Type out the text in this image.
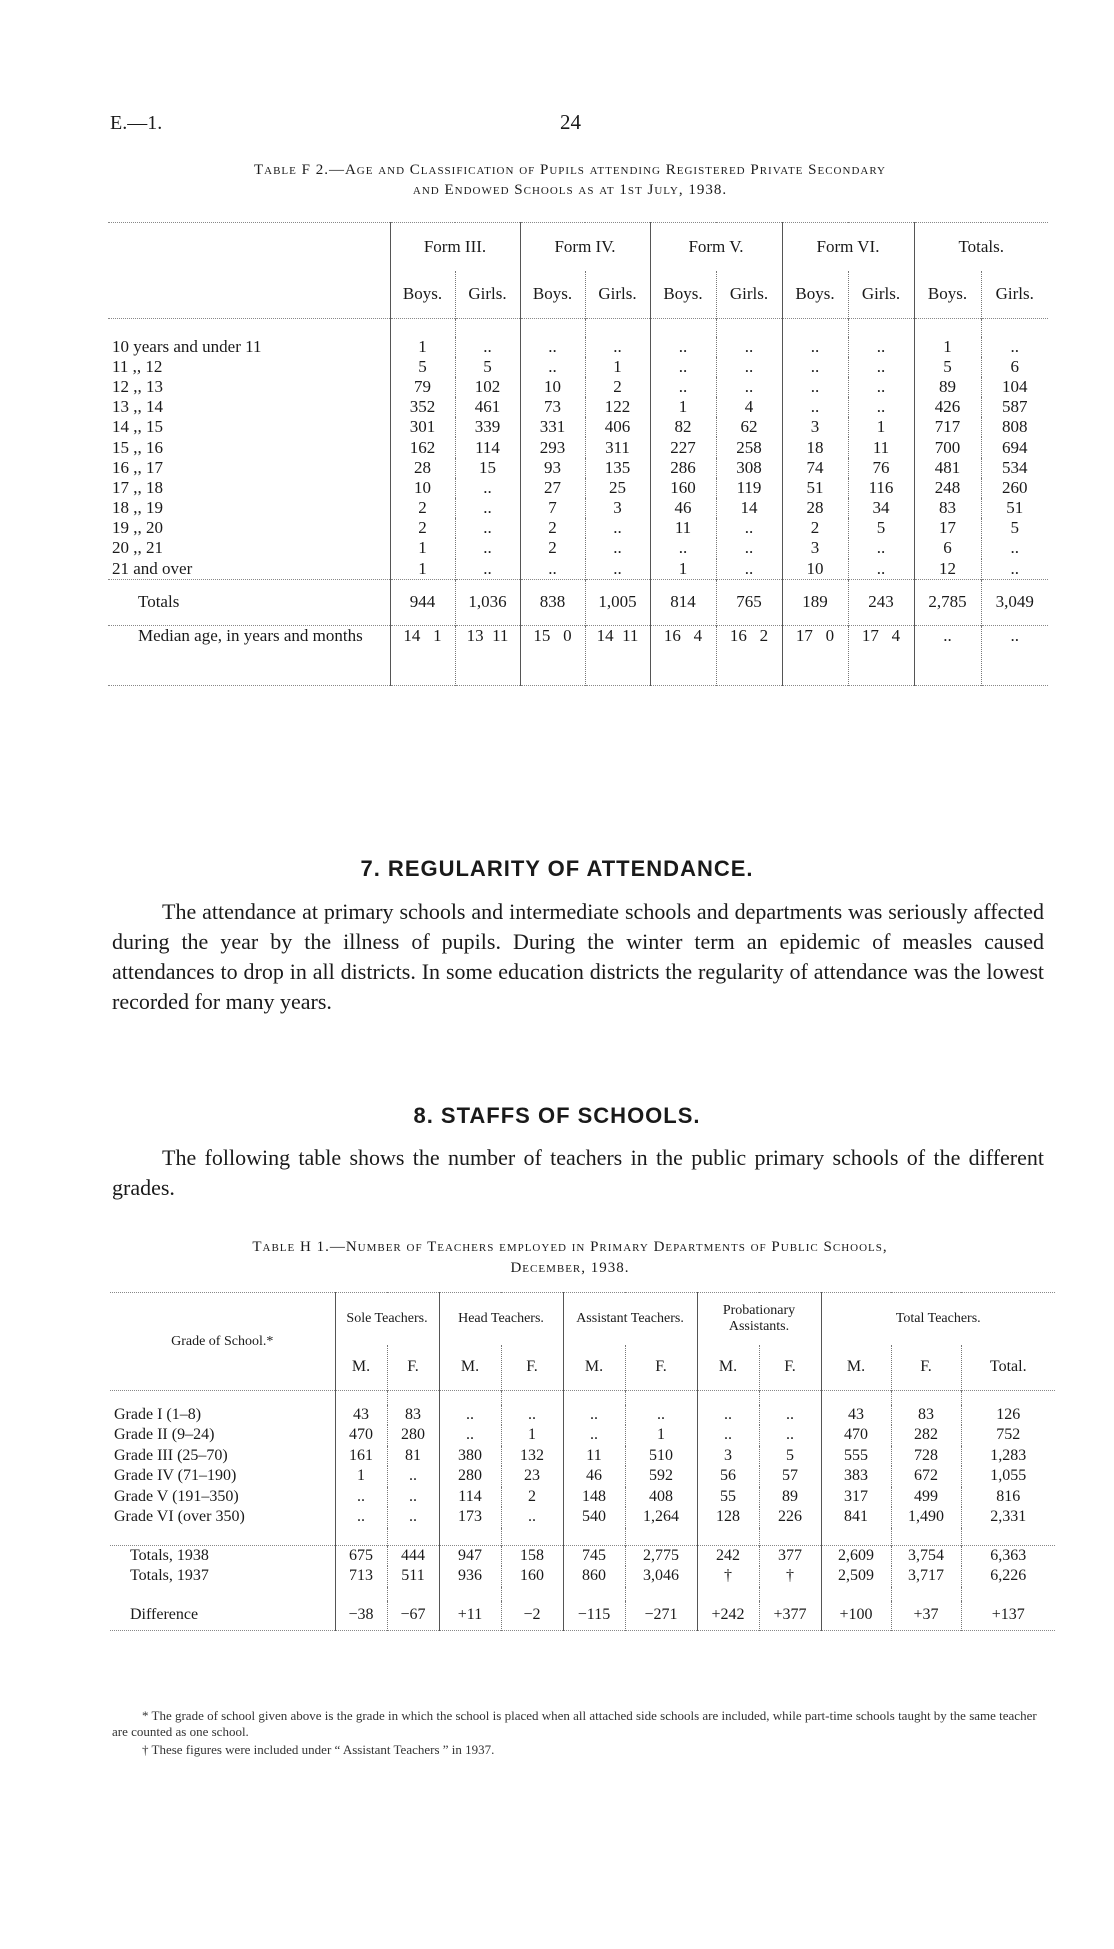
E.—1.	24
Table F 2.—Age and Classification of Pupils attending Registered Private Secondary
and Endowed Schools as at 1st July, 1938.
	Form III.		Form IV.		Form V.		Form VI.		Totals.	
	Boys.	Girls.	Boys.	Girls.	Boys.	Girls.	Boys.	Girls.	Boys.	Girls.

10 years and under 11	1	..	..	..	..	..	..	..	1	..
11 ,, 12	5	5	..	1	..	..	..	..	5	6
12 ,, 13	79	102	10	2	..	..	..	..	89	104
13 ,, 14	352	461	73	122	1	4	..	..	426	587
14 ,, 15	301	339	331	406	82	62	3	1	717	808
15 ,, 16	162	114	293	311	227	258	18	11	700	694
16 ,, 17	28	15	93	135	286	308	74	76	481	534
17 ,, 18	10	..	27	25	160	119	51	116	248	260
18 ,, 19	2	..	7	3	46	14	28	34	83	51
19 ,, 20	2	..	2	..	11	..	2	5	17	5
20 ,, 21	1	..	2	..	..	..	3	..	6	..
21 and over	1	..	..	..	1	..	10	..	12	..
Totals	944	1,036	838	1,005	814	765	189	243	2,785	3,049
Median age, in years and months	14   1	13  11	15   0	14  11	16   4	16   2	17   0	17   4	..	..
7. REGULARITY OF ATTENDANCE.
The attendance at primary schools and intermediate schools and departments was seriously affected during the year by the illness of pupils. During the winter term an epidemic of measles caused attendances to drop in all districts. In some education districts the regularity of attendance was the lowest recorded for many years.
8. STAFFS OF SCHOOLS.
The following table shows the number of teachers in the public primary schools of the different grades.
Table H 1.—Number of Teachers employed in Primary Departments of Public Schools,
December, 1938.
Grade of School.*	Sole Teachers.		Head Teachers.		Assistant Teachers.		Probationary Assistants.		Total Teachers.		
	M.	F.	M.	F.	M.	F.	M.	F.	M.	F.	Total.

Grade I (1–8)	43	83	..	..	..	..	..	..	43	83	126
Grade II (9–24)	470	280	..	1	..	1	..	..	470	282	752
Grade III (25–70)	161	81	380	132	11	510	3	5	555	728	1,283
Grade IV (71–190)	1	..	280	23	46	592	56	57	383	672	1,055
Grade V (191–350)	..	..	114	2	148	408	55	89	317	499	816
Grade VI (over 350)	..	..	173	..	540	1,264	128	226	841	1,490	2,331

Totals, 1938	675	444	947	158	745	2,775	242	377	2,609	3,754	6,363
Totals, 1937	713	511	936	160	860	3,046	†	†	2,509	3,717	6,226

Difference	−38	−67	+11	−2	−115	−271	+242	+377	+100	+37	+137
* The grade of school given above is the grade in which the school is placed when all attached side schools are included, while part-time schools taught by the same teacher are counted as one school.
† These figures were included under “ Assistant Teachers ” in 1937.
